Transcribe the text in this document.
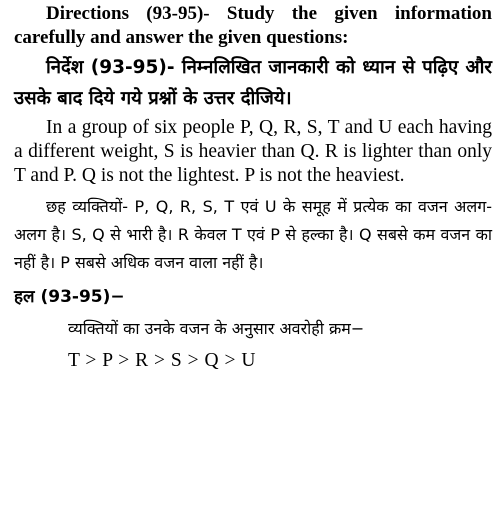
Directions (93-95)- Study the given information carefully and answer the given questions:

निर्देश (93-95)- निम्नलिखित जानकारी को ध्यान से पढ़िए और उसके बाद दिये गये प्रश्नों के उत्तर दीजिये।

In a group of six people P, Q, R, S, T and U each having a different weight, S is heavier than Q. R is lighter than only T and P. Q is not the lightest. P is not the heaviest.

छह व्यक्तियों- P, Q, R, S, T एवं U के समूह में प्रत्येक का वजन अलग-अलग है। S, Q से भारी है। R केवल T एवं P से हल्का है। Q सबसे कम वजन का नहीं है। P सबसे अधिक वजन वाला नहीं है।

हल (93-95)−

व्यक्तियों का उनके वजन के अनुसार अवरोही क्रम−

T > P > R > S > Q > U
